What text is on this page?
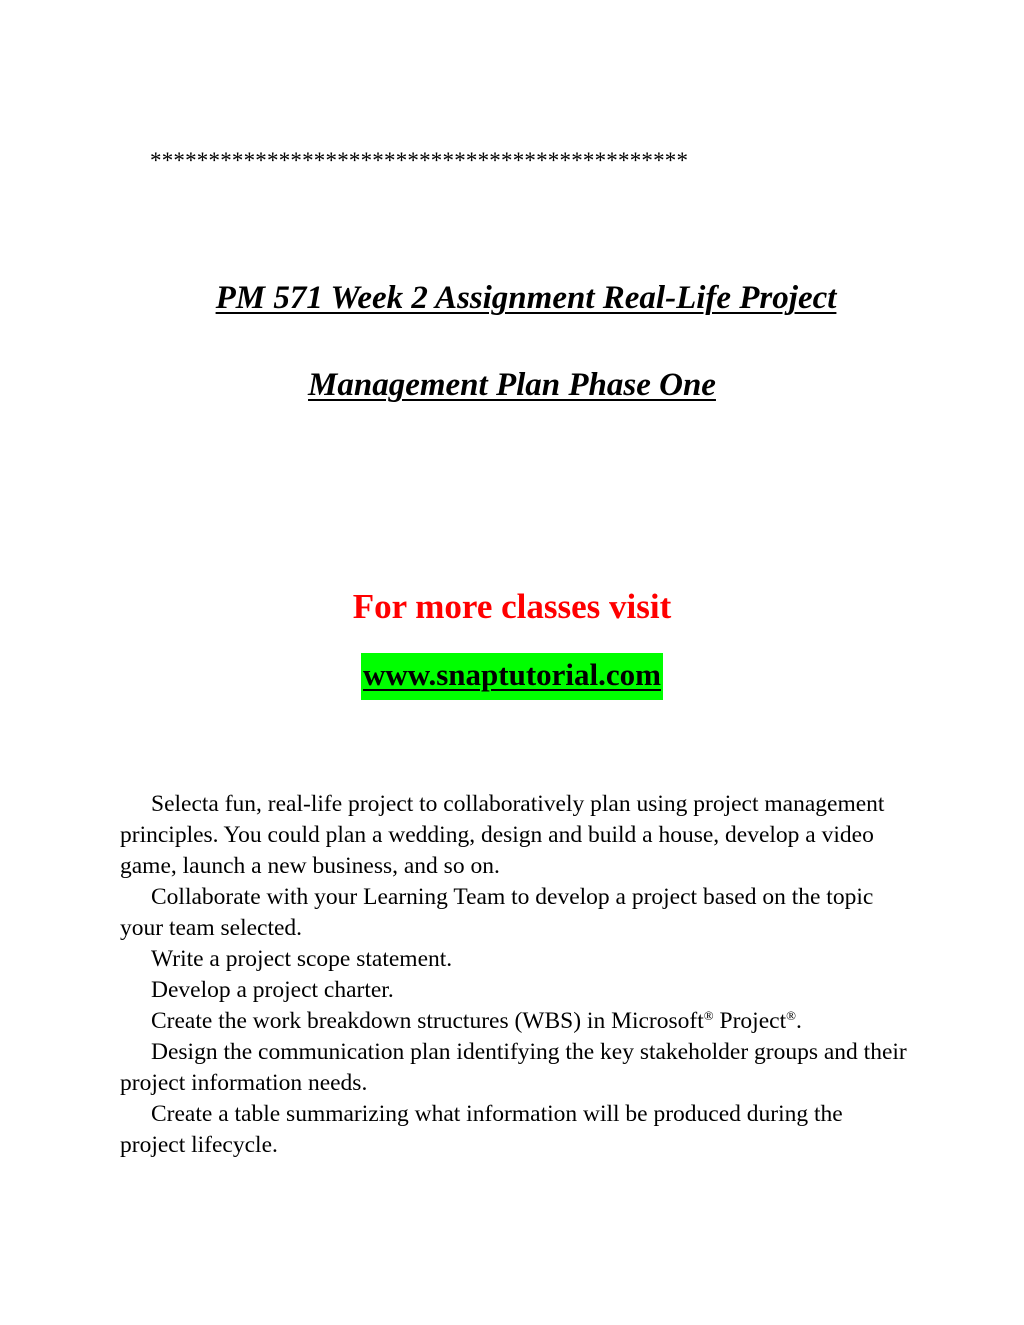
**********************************************
PM 571 Week 2 Assignment Real-Life Project
Management Plan Phase One
For more classes visit
www.snaptutorial.com

Selecta fun, real-life project to collaboratively plan using project management principles. You could plan a wedding, design and build a house, develop a video game, launch a new business, and so on.

Collaborate with your Learning Team to develop a project based on the topic your team selected.

Write a project scope statement.

Develop a project charter.

Create the work breakdown structures (WBS) in Microsoft® Project®.

Design the communication plan identifying the key stakeholder groups and their project information needs.

Create a table summarizing what information will be produced during the project lifecycle.
